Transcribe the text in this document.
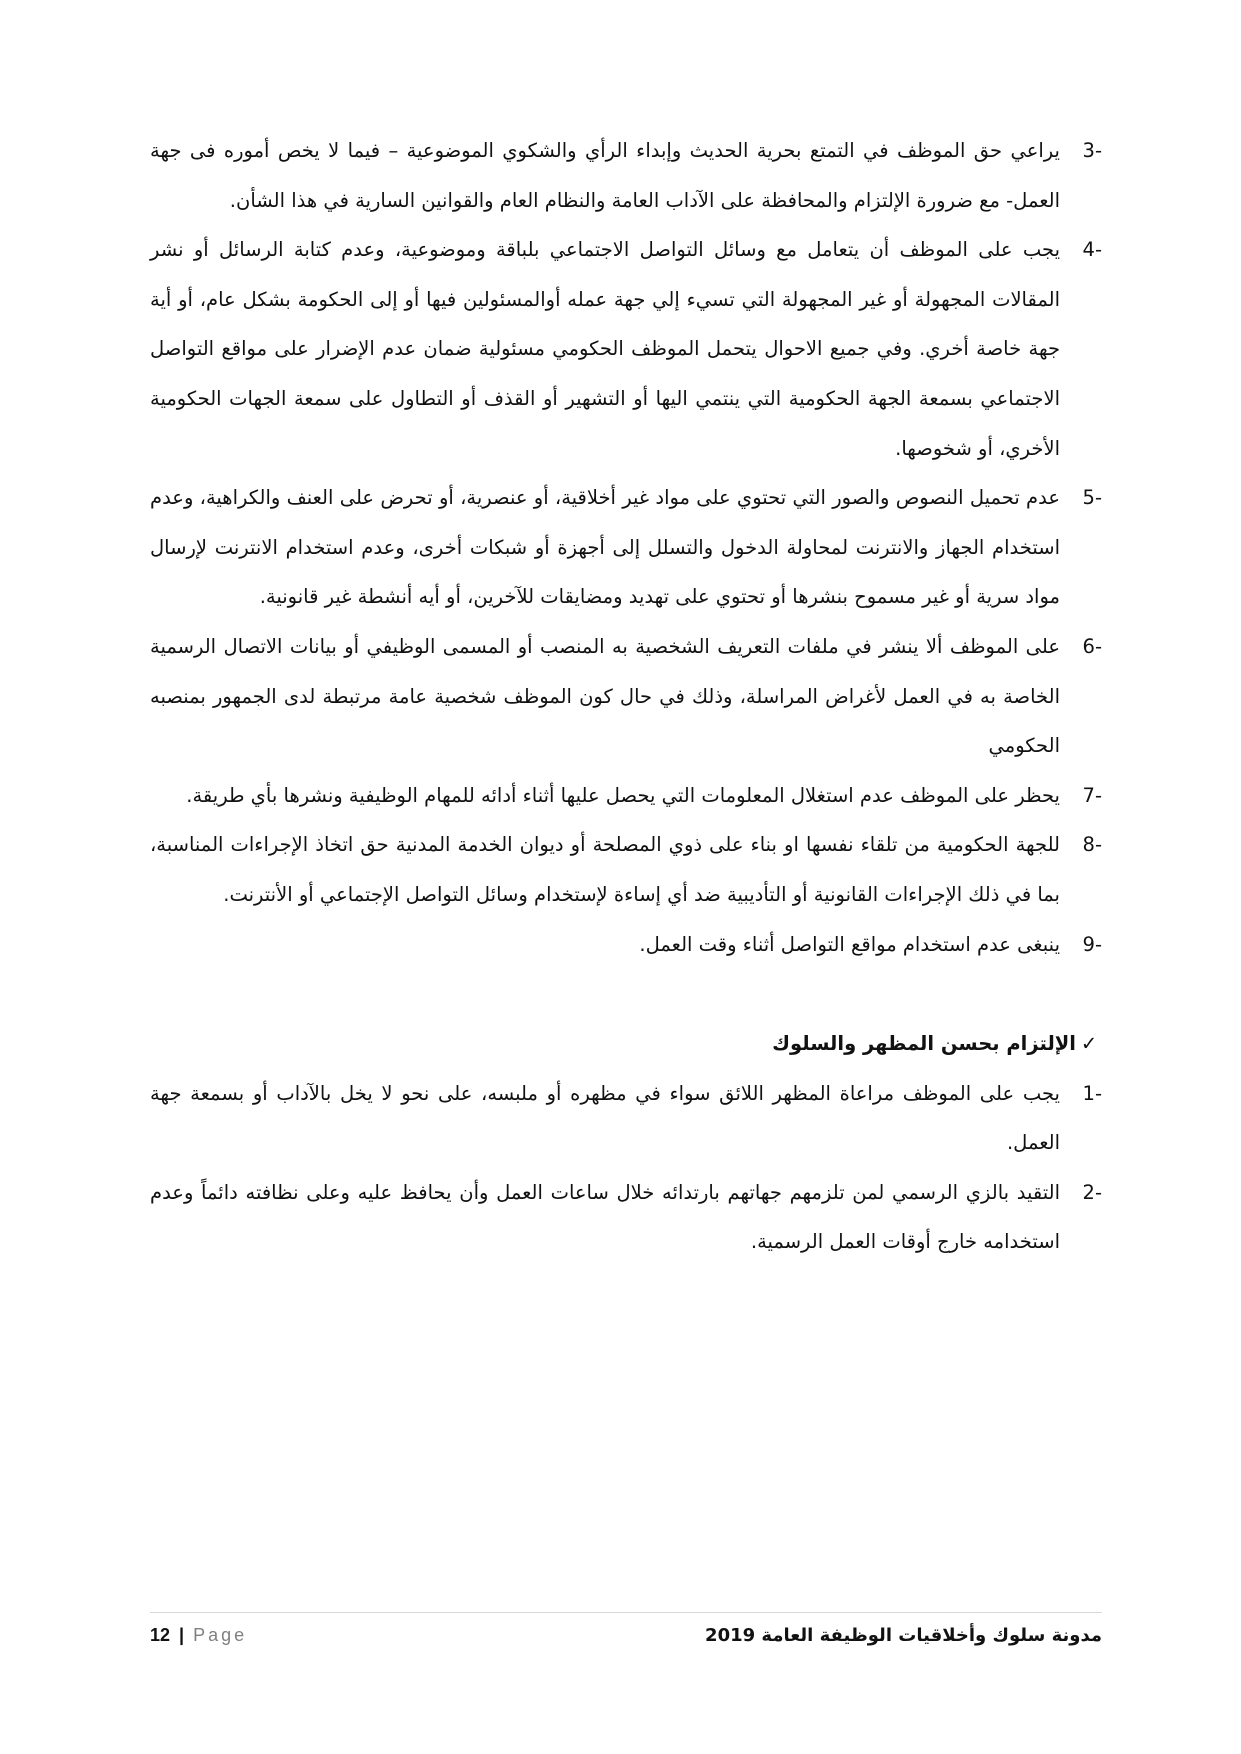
3-
يراعي حق الموظف في التمتع بحرية الحديث وإبداء الرأي والشكوي الموضوعية – فيما لا يخص أموره فى جهة العمل- مع ضرورة الإلتزام والمحافظة على الآداب العامة والنظام العام والقوانين السارية في هذا الشأن.
4-
يجب على الموظف أن يتعامل مع وسائل التواصل الاجتماعي بلباقة وموضوعية، وعدم كتابة الرسائل أو نشر المقالات المجهولة أو غير المجهولة التي تسيء إلي جهة عمله أوالمسئولين فيها أو إلى الحكومة بشكل عام، أو أية جهة خاصة أخري. وفي جميع الاحوال يتحمل الموظف الحكومي مسئولية ضمان عدم الإضرار على مواقع التواصل الاجتماعي بسمعة الجهة الحكومية التي ينتمي اليها أو التشهير أو القذف أو التطاول على سمعة الجهات الحكومية الأخري، أو شخوصها.
5-
عدم تحميل النصوص والصور التي تحتوي على مواد غير أخلاقية، أو عنصرية، أو تحرض على العنف والكراهية، وعدم استخدام الجهاز والانترنت لمحاولة الدخول والتسلل إلى أجهزة أو شبكات أخرى، وعدم استخدام الانترنت لإرسال مواد سرية أو غير مسموح بنشرها أو تحتوي على تهديد ومضايقات للآخرين، أو أيه أنشطة غير قانونية.
6-
على الموظف ألا ينشر في ملفات التعريف الشخصية به المنصب أو المسمى الوظيفي أو بيانات الاتصال الرسمية الخاصة به في العمل لأغراض المراسلة، وذلك في حال كون الموظف شخصية عامة مرتبطة لدى الجمهور بمنصبه الحكومي
7-
يحظر على الموظف عدم استغلال المعلومات التي يحصل عليها أثناء أدائه للمهام الوظيفية ونشرها بأي طريقة.
8-
للجهة الحكومية من تلقاء نفسها او بناء على ذوي المصلحة أو ديوان الخدمة المدنية حق اتخاذ الإجراءات المناسبة، بما في ذلك الإجراءات القانونية أو التأديبية ضد أي إساءة لإستخدام وسائل التواصل الإجتماعي أو الأنترنت.
9-
ينبغى عدم استخدام مواقع التواصل أثناء وقت العمل.
✓
الإلتزام بحسن المظهر والسلوك
1-
يجب على الموظف مراعاة المظهر اللائق سواء في مظهره أو ملبسه، على نحو لا يخل بالآداب أو بسمعة جهة العمل.
2-
التقيد بالزي الرسمي لمن تلزمهم جهاتهم بارتدائه خلال ساعات العمل وأن يحافظ عليه وعلى نظافته دائماً وعدم استخدامه خارج أوقات العمل الرسمية.
12 | Page	مدونة سلوك وأخلاقيات الوظيفة العامة 2019
